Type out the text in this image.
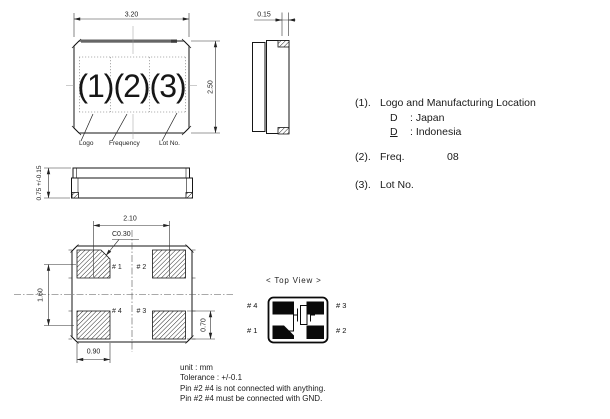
3.20
2.50
(1)(2)(3)
Logo Frequency	Lot No.
0.15
0.75 +/-0.15
2.10
C0.30
1.60
0.70
0.90
# 1 # 2
# 4 # 3
< Top View >
# 4	# 3
# 1	# 2
(1). Logo and Manufacturing Location
D : Japan
D : Indonesia
(2). Freq.	08
(3). Lot No.
unit : mm
Tolerance : +/-0.1
Pin #2 #4 is not connected with anything.
Pin #2 #4 must be connected with GND.
